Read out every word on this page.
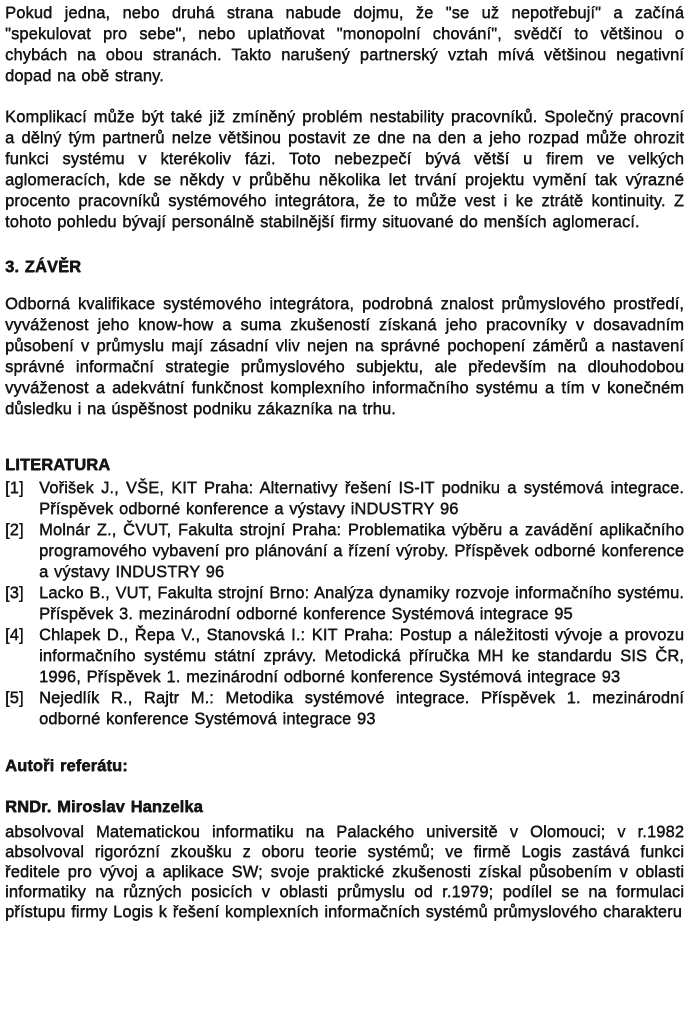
Pokud jedna, nebo druhá strana nabude dojmu, že "se už nepotřebují" a začíná "spekulovat pro sebe", nebo uplatňovat "monopolní chování", svědčí to většinou o chybách na obou stranách. Takto narušený partnerský vztah mívá většinou negativní dopad na obě strany.

Komplikací může být také již zmíněný problém nestability pracovníků. Společný pracovní a dělný tým partnerů nelze většinou postavit ze dne na den a jeho rozpad může ohrozit funkci systému v kterékoliv fázi. Toto nebezpečí bývá větší u firem ve velkých aglomeracích, kde se někdy v průběhu několika let trvání projektu vymění tak výrazné procento pracovníků systémového integrátora, že to může vest i ke ztrátě kontinuity. Z tohoto pohledu bývají personálně stabilnější firmy situované do menších aglomerací.

3. ZÁVĚR

Odborná kvalifikace systémového integrátora, podrobná znalost průmyslového prostředí, vyváženost jeho know-how a suma zkušeností získaná jeho pracovníky v dosavadním působení v průmyslu mají zásadní vliv nejen na správné pochopení záměrů a nastavení správné informační strategie průmyslového subjektu, ale především na dlouhodobou vyváženost a adekvátní funkčnost komplexního informačního systému a tím v konečném důsledku i na úspěšnost podniku zákazníka na trhu.

LITERATURA

[1] Vořišek J., VŠE, KIT Praha: Alternativy řešení IS-IT podniku a systémová integrace. Příspěvek odborné konference a výstavy iNDUSTRY 96
[2] Molnár Z., ČVUT, Fakulta strojní Praha: Problematika výběru a zavádění aplikačního programového vybavení pro plánování a řízení výroby. Příspěvek odborné konference a výstavy INDUSTRY 96
[3] Lacko B., VUT, Fakulta strojní Brno: Analýza dynamiky rozvoje informačního systému. Příspěvek 3. mezinárodní odborné konference Systémová integrace 95
[4] Chlapek D., Řepa V., Stanovská I.: KIT Praha: Postup a náležitosti vývoje a provozu informačního systému státní zprávy. Metodická příručka MH ke standardu SIS ČR, 1996, Příspěvek 1. mezinárodní odborné konference Systémová integrace 93
[5] Nejedlík R., Rajtr M.: Metodika systémové integrace. Příspěvek 1. mezinárodní odborné konference Systémová integrace 93

Autoři referátu:

RNDr. Miroslav Hanzelka

absolvoval Matematickou informatiku na Palackého universitě v Olomouci; v r.1982 absolvoval rigorózní zkoušku z oboru teorie systémů; ve firmě Logis zastává funkci ředitele pro vývoj a aplikace SW; svoje praktické zkušenosti získal působením v oblasti informatiky na různých posicích v oblasti průmyslu od r.1979; podílel se na formulaci přístupu firmy Logis k řešení komplexních informačních systémů průmyslového charakteru
